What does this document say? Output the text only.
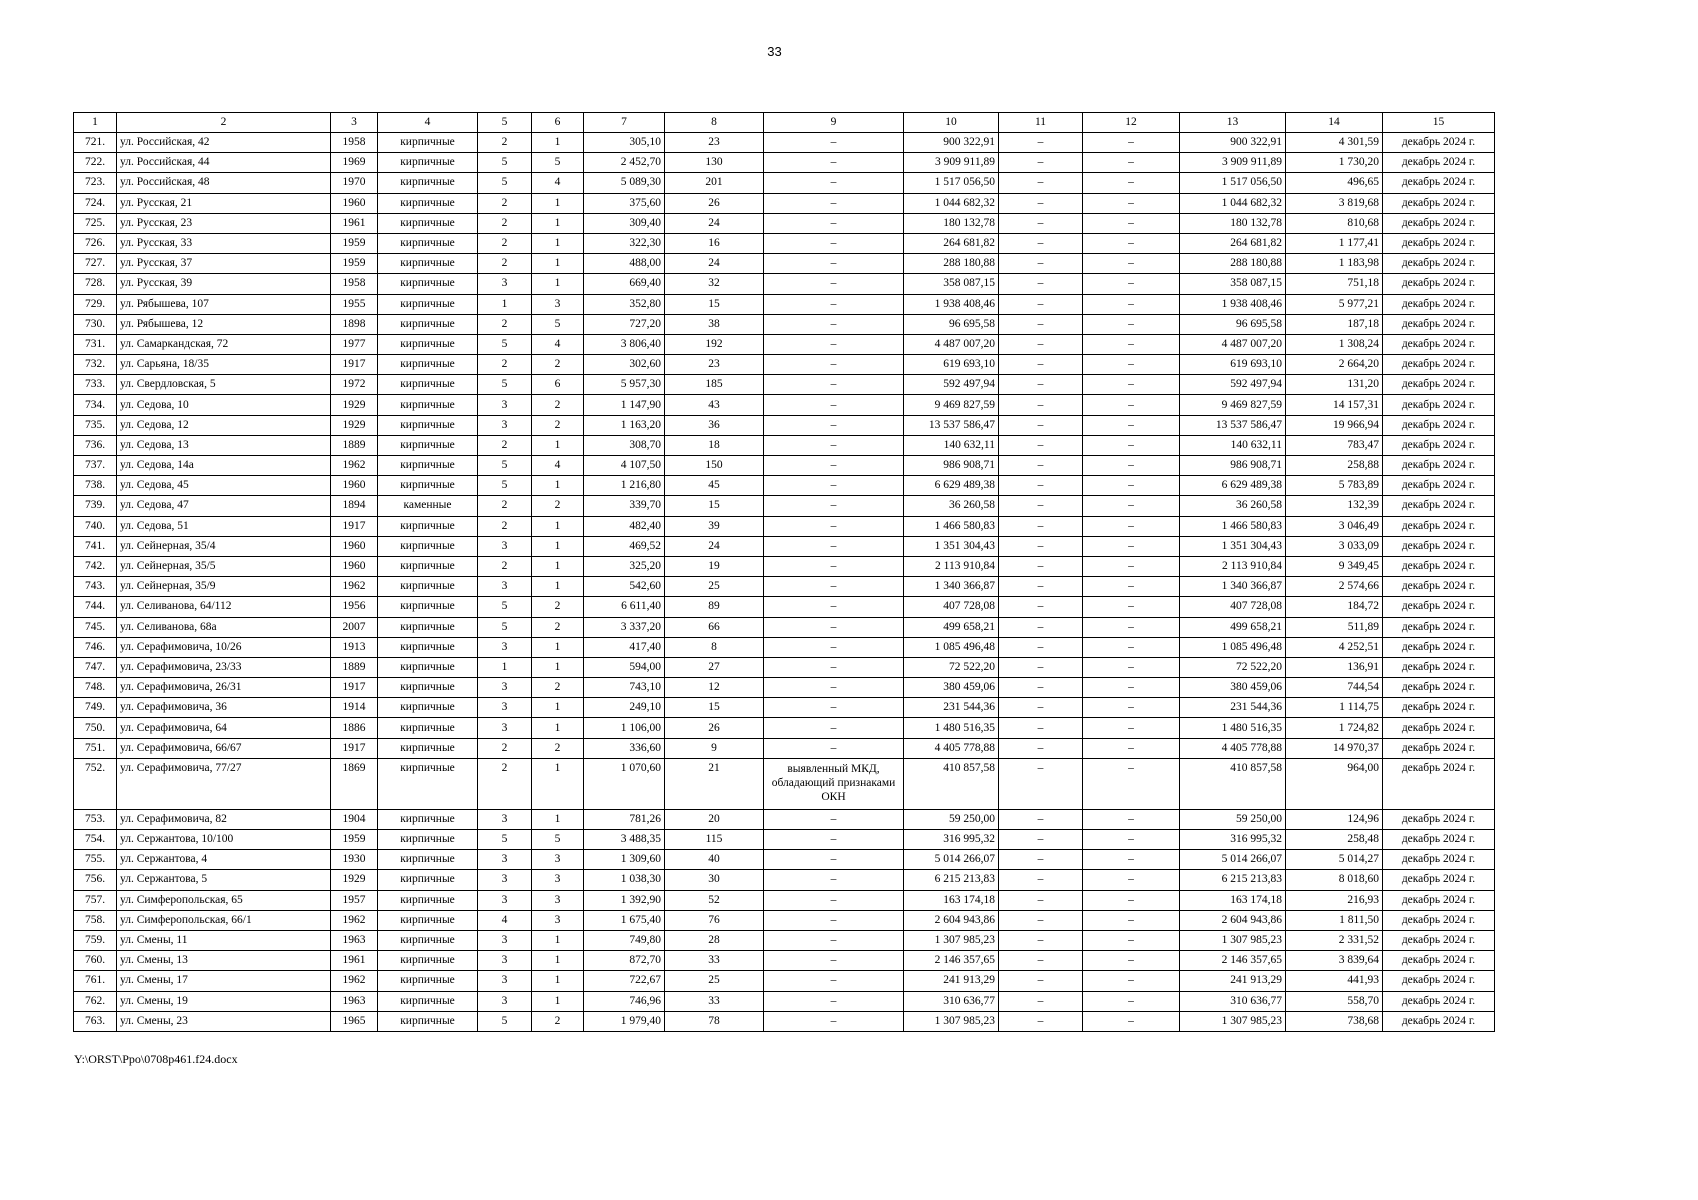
33
1	2	3	4	5	6	7	8	9	10	11	12	13	14	15
721.	ул. Российская, 42	1958	кирпичные	2	1	305,10	23	–	900 322,91	–	–	900 322,91	4 301,59	декабрь 2024 г.
722.	ул. Российская, 44	1969	кирпичные	5	5	2 452,70	130	–	3 909 911,89	–	–	3 909 911,89	1 730,20	декабрь 2024 г.
723.	ул. Российская, 48	1970	кирпичные	5	4	5 089,30	201	–	1 517 056,50	–	–	1 517 056,50	496,65	декабрь 2024 г.
724.	ул. Русская, 21	1960	кирпичные	2	1	375,60	26	–	1 044 682,32	–	–	1 044 682,32	3 819,68	декабрь 2024 г.
725.	ул. Русская, 23	1961	кирпичные	2	1	309,40	24	–	180 132,78	–	–	180 132,78	810,68	декабрь 2024 г.
726.	ул. Русская, 33	1959	кирпичные	2	1	322,30	16	–	264 681,82	–	–	264 681,82	1 177,41	декабрь 2024 г.
727.	ул. Русская, 37	1959	кирпичные	2	1	488,00	24	–	288 180,88	–	–	288 180,88	1 183,98	декабрь 2024 г.
728.	ул. Русская, 39	1958	кирпичные	3	1	669,40	32	–	358 087,15	–	–	358 087,15	751,18	декабрь 2024 г.
729.	ул. Рябышева, 107	1955	кирпичные	1	3	352,80	15	–	1 938 408,46	–	–	1 938 408,46	5 977,21	декабрь 2024 г.
730.	ул. Рябышева, 12	1898	кирпичные	2	5	727,20	38	–	96 695,58	–	–	96 695,58	187,18	декабрь 2024 г.
731.	ул. Самаркандская, 72	1977	кирпичные	5	4	3 806,40	192	–	4 487 007,20	–	–	4 487 007,20	1 308,24	декабрь 2024 г.
732.	ул. Сарьяна, 18/35	1917	кирпичные	2	2	302,60	23	–	619 693,10	–	–	619 693,10	2 664,20	декабрь 2024 г.
733.	ул. Свердловская, 5	1972	кирпичные	5	6	5 957,30	185	–	592 497,94	–	–	592 497,94	131,20	декабрь 2024 г.
734.	ул. Седова, 10	1929	кирпичные	3	2	1 147,90	43	–	9 469 827,59	–	–	9 469 827,59	14 157,31	декабрь 2024 г.
735.	ул. Седова, 12	1929	кирпичные	3	2	1 163,20	36	–	13 537 586,47	–	–	13 537 586,47	19 966,94	декабрь 2024 г.
736.	ул. Седова, 13	1889	кирпичные	2	1	308,70	18	–	140 632,11	–	–	140 632,11	783,47	декабрь 2024 г.
737.	ул. Седова, 14а	1962	кирпичные	5	4	4 107,50	150	–	986 908,71	–	–	986 908,71	258,88	декабрь 2024 г.
738.	ул. Седова, 45	1960	кирпичные	5	1	1 216,80	45	–	6 629 489,38	–	–	6 629 489,38	5 783,89	декабрь 2024 г.
739.	ул. Седова, 47	1894	каменные	2	2	339,70	15	–	36 260,58	–	–	36 260,58	132,39	декабрь 2024 г.
740.	ул. Седова, 51	1917	кирпичные	2	1	482,40	39	–	1 466 580,83	–	–	1 466 580,83	3 046,49	декабрь 2024 г.
741.	ул. Сейнерная, 35/4	1960	кирпичные	3	1	469,52	24	–	1 351 304,43	–	–	1 351 304,43	3 033,09	декабрь 2024 г.
742.	ул. Сейнерная, 35/5	1960	кирпичные	2	1	325,20	19	–	2 113 910,84	–	–	2 113 910,84	9 349,45	декабрь 2024 г.
743.	ул. Сейнерная, 35/9	1962	кирпичные	3	1	542,60	25	–	1 340 366,87	–	–	1 340 366,87	2 574,66	декабрь 2024 г.
744.	ул. Селиванова, 64/112	1956	кирпичные	5	2	6 611,40	89	–	407 728,08	–	–	407 728,08	184,72	декабрь 2024 г.
745.	ул. Селиванова, 68а	2007	кирпичные	5	2	3 337,20	66	–	499 658,21	–	–	499 658,21	511,89	декабрь 2024 г.
746.	ул. Серафимовича, 10/26	1913	кирпичные	3	1	417,40	8	–	1 085 496,48	–	–	1 085 496,48	4 252,51	декабрь 2024 г.
747.	ул. Серафимовича, 23/33	1889	кирпичные	1	1	594,00	27	–	72 522,20	–	–	72 522,20	136,91	декабрь 2024 г.
748.	ул. Серафимовича, 26/31	1917	кирпичные	3	2	743,10	12	–	380 459,06	–	–	380 459,06	744,54	декабрь 2024 г.
749.	ул. Серафимовича, 36	1914	кирпичные	3	1	249,10	15	–	231 544,36	–	–	231 544,36	1 114,75	декабрь 2024 г.
750.	ул. Серафимовича, 64	1886	кирпичные	3	1	1 106,00	26	–	1 480 516,35	–	–	1 480 516,35	1 724,82	декабрь 2024 г.
751.	ул. Серафимовича, 66/67	1917	кирпичные	2	2	336,60	9	–	4 405 778,88	–	–	4 405 778,88	14 970,37	декабрь 2024 г.
752.	ул. Серафимовича, 77/27	1869	кирпичные	2	1	1 070,60	21	выявленный МКД, обладающий признаками ОКН	410 857,58	–	–	410 857,58	964,00	декабрь 2024 г.
753.	ул. Серафимовича, 82	1904	кирпичные	3	1	781,26	20	–	59 250,00	–	–	59 250,00	124,96	декабрь 2024 г.
754.	ул. Сержантова, 10/100	1959	кирпичные	5	5	3 488,35	115	–	316 995,32	–	–	316 995,32	258,48	декабрь 2024 г.
755.	ул. Сержантова, 4	1930	кирпичные	3	3	1 309,60	40	–	5 014 266,07	–	–	5 014 266,07	5 014,27	декабрь 2024 г.
756.	ул. Сержантова, 5	1929	кирпичные	3	3	1 038,30	30	–	6 215 213,83	–	–	6 215 213,83	8 018,60	декабрь 2024 г.
757.	ул. Симферопольская, 65	1957	кирпичные	3	3	1 392,90	52	–	163 174,18	–	–	163 174,18	216,93	декабрь 2024 г.
758.	ул. Симферопольская, 66/1	1962	кирпичные	4	3	1 675,40	76	–	2 604 943,86	–	–	2 604 943,86	1 811,50	декабрь 2024 г.
759.	ул. Смены, 11	1963	кирпичные	3	1	749,80	28	–	1 307 985,23	–	–	1 307 985,23	2 331,52	декабрь 2024 г.
760.	ул. Смены, 13	1961	кирпичные	3	1	872,70	33	–	2 146 357,65	–	–	2 146 357,65	3 839,64	декабрь 2024 г.
761.	ул. Смены, 17	1962	кирпичные	3	1	722,67	25	–	241 913,29	–	–	241 913,29	441,93	декабрь 2024 г.
762.	ул. Смены, 19	1963	кирпичные	3	1	746,96	33	–	310 636,77	–	–	310 636,77	558,70	декабрь 2024 г.
763.	ул. Смены, 23	1965	кирпичные	5	2	1 979,40	78	–	1 307 985,23	–	–	1 307 985,23	738,68	декабрь 2024 г.
Y:\ORST\Ppo\0708p461.f24.docx
